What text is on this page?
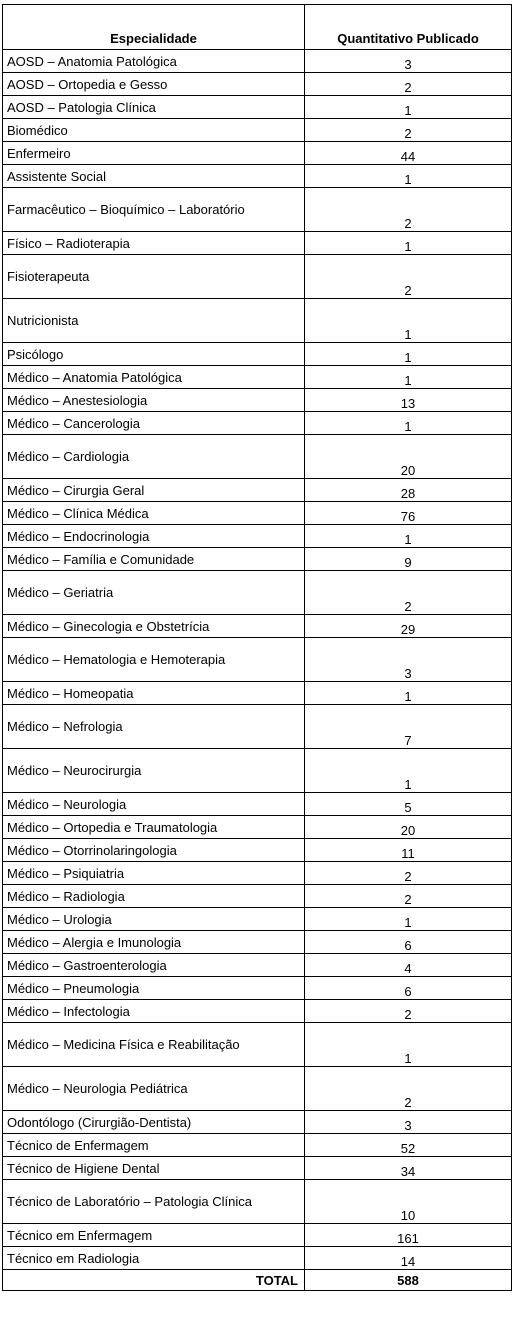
Especialidade	Quantitativo Publicado
AOSD – Anatomia Patológica	3
AOSD – Ortopedia e Gesso	2
AOSD – Patologia Clínica	1
Biomédico	2
Enfermeiro	44
Assistente Social	1
Farmacêutico – Bioquímico – Laboratório	2
Físico – Radioterapia	1
Fisioterapeuta	2
Nutricionista	1
Psicólogo	1
Médico – Anatomia Patológica	1
Médico – Anestesiologia	13
Médico – Cancerologia	1
Médico – Cardiologia	20
Médico – Cirurgia Geral	28
Médico – Clínica Médica	76
Médico – Endocrinologia	1
Médico – Família e Comunidade	9
Médico – Geriatria	2
Médico – Ginecologia e Obstetrícia	29
Médico – Hematologia e Hemoterapia	3
Médico – Homeopatia	1
Médico – Nefrologia	7
Médico – Neurocirurgia	1
Médico – Neurologia	5
Médico – Ortopedia e Traumatologia	20
Médico – Otorrinolaringologia	11
Médico – Psiquiatria	2
Médico – Radiologia	2
Médico – Urologia	1
Médico – Alergia e Imunologia	6
Médico – Gastroenterologia	4
Médico – Pneumologia	6
Médico – Infectologia	2
Médico – Medicina Física e Reabilitação	1
Médico – Neurologia Pediátrica	2
Odontólogo (Cirurgião-Dentista)	3
Técnico de Enfermagem	52
Técnico de Higiene Dental	34
Técnico de Laboratório – Patologia Clínica	10
Técnico em Enfermagem	161
Técnico em Radiologia	14
TOTAL	588
